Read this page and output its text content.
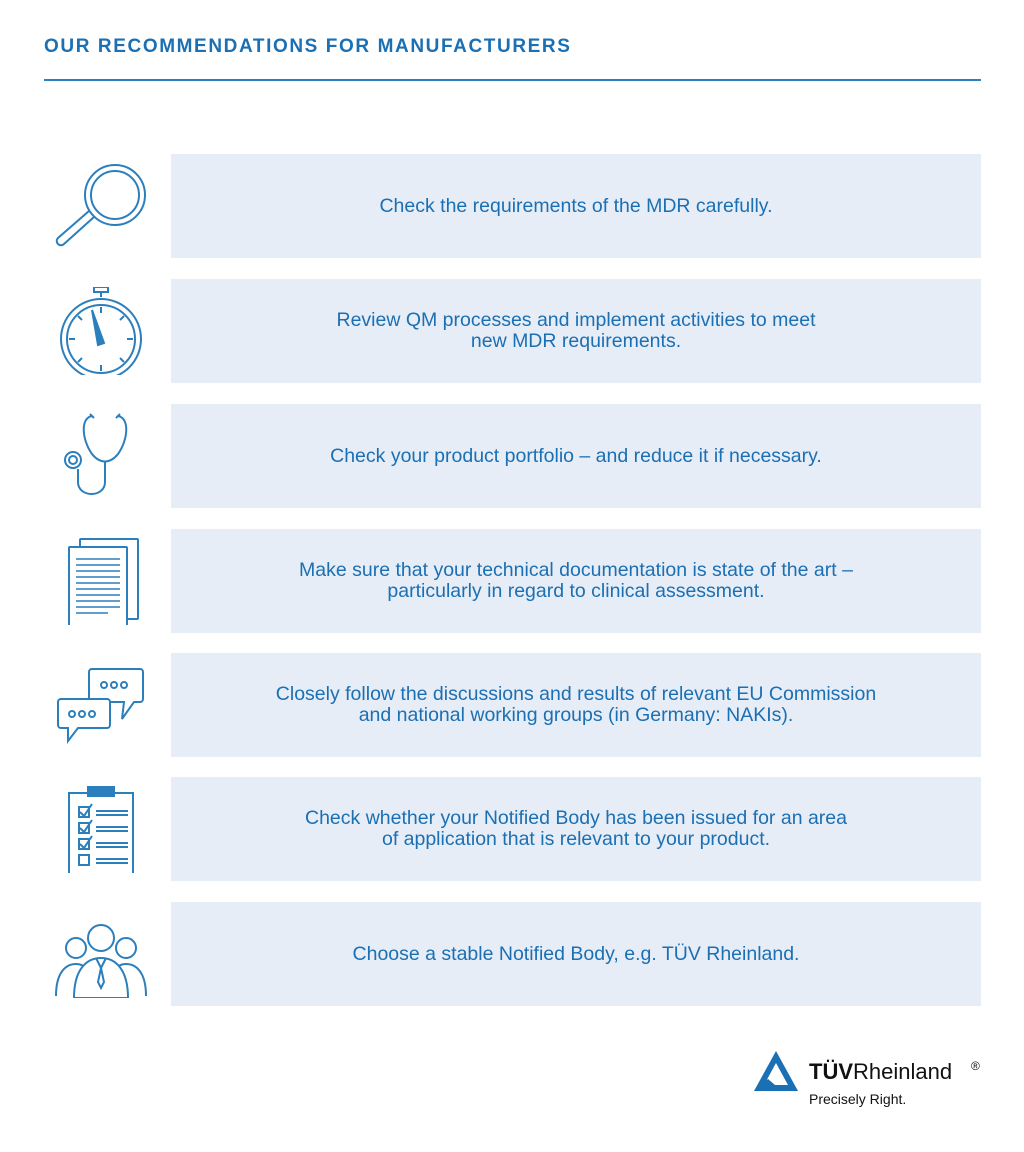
OUR RECOMMENDATIONS FOR MANUFACTURERS

Check the requirements of the MDR carefully.

Review QM processes and implement activities to meet
new MDR requirements.

Check your product portfolio – and reduce it if necessary.

Make sure that your technical documentation is state of the art –
particularly in regard to clinical assessment.

Closely follow the discussions and results of relevant EU Commission
and national working groups (in Germany: NAKIs).

Check whether your Notified Body has been issued for an area
of application that is relevant to your product.

Choose a stable Notified Body, e.g. TÜV Rheinland.

TÜVRheinland ®
Precisely Right.
